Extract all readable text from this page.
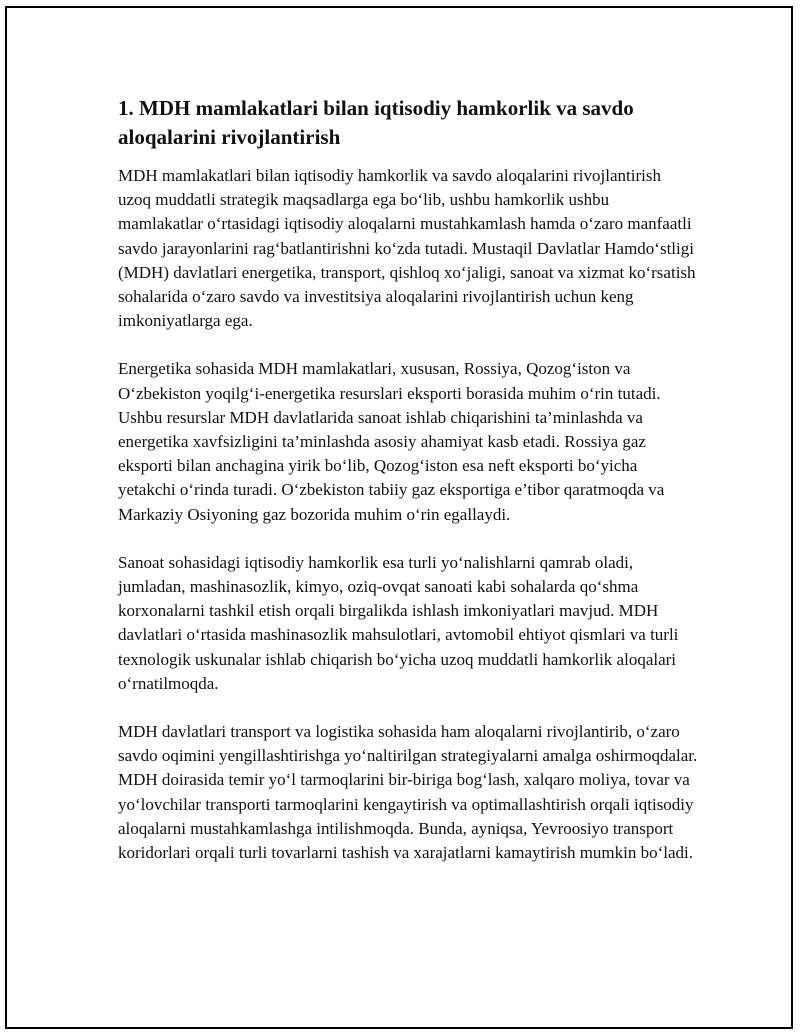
1. MDH mamlakatlari bilan iqtisodiy hamkorlik va savdo aloqalarini rivojlantirish

MDH mamlakatlari bilan iqtisodiy hamkorlik va savdo aloqalarini rivojlantirish uzoq muddatli strategik maqsadlarga ega bo‘lib, ushbu hamkorlik ushbu mamlakatlar o‘rtasidagi iqtisodiy aloqalarni mustahkamlash hamda o‘zaro manfaatli savdo jarayonlarini rag‘batlantirishni ko‘zda tutadi. Mustaqil Davlatlar Hamdo‘stligi (MDH) davlatlari energetika, transport, qishloq xo‘jaligi, sanoat va xizmat ko‘rsatish sohalarida o‘zaro savdo va investitsiya aloqalarini rivojlantirish uchun keng imkoniyatlarga ega.

Energetika sohasida MDH mamlakatlari, xususan, Rossiya, Qozog‘iston va O‘zbekiston yoqilg‘i-energetika resurslari eksporti borasida muhim o‘rin tutadi. Ushbu resurslar MDH davlatlarida sanoat ishlab chiqarishini ta’minlashda va energetika xavfsizligini ta’minlashda asosiy ahamiyat kasb etadi. Rossiya gaz eksporti bilan anchagina yirik bo‘lib, Qozog‘iston esa neft eksporti bo‘yicha yetakchi o‘rinda turadi. O‘zbekiston tabiiy gaz eksportiga e’tibor qaratmoqda va Markaziy Osiyoning gaz bozorida muhim o‘rin egallaydi.

Sanoat sohasidagi iqtisodiy hamkorlik esa turli yo‘nalishlarni qamrab oladi, jumladan, mashinasozlik, kimyo, oziq-ovqat sanoati kabi sohalarda qo‘shma korxonalarni tashkil etish orqali birgalikda ishlash imkoniyatlari mavjud. MDH davlatlari o‘rtasida mashinasozlik mahsulotlari, avtomobil ehtiyot qismlari va turli texnologik uskunalar ishlab chiqarish bo‘yicha uzoq muddatli hamkorlik aloqalari o‘rnatilmoqda.

MDH davlatlari transport va logistika sohasida ham aloqalarni rivojlantirib, o‘zaro savdo oqimini yengillashtirishga yo‘naltirilgan strategiyalarni amalga oshirmoqdalar. MDH doirasida temir yo‘l tarmoqlarini bir-biriga bog‘lash, xalqaro moliya, tovar va yo‘lovchilar transporti tarmoqlarini kengaytirish va optimallashtirish orqali iqtisodiy aloqalarni mustahkamlashga intilishmoqda. Bunda, ayniqsa, Yevroosiyo transport koridorlari orqali turli tovarlarni tashish va xarajatlarni kamaytirish mumkin bo‘ladi.
